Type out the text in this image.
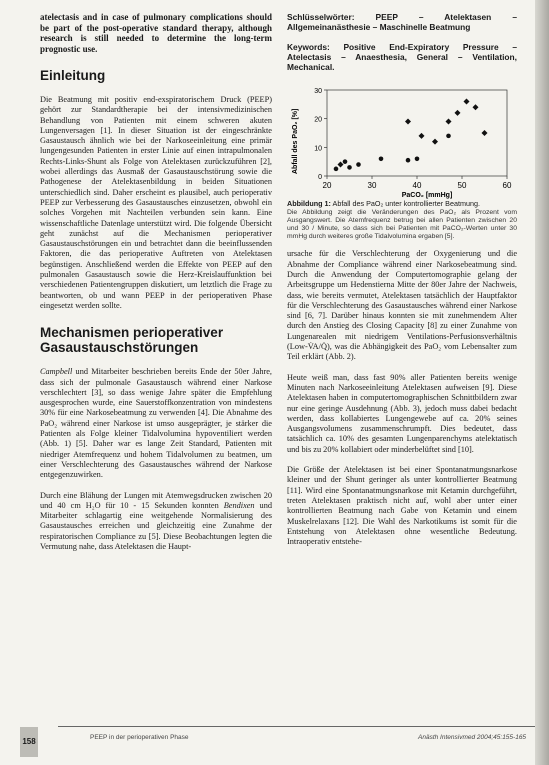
atelectasis and in case of pulmonary complications should be part of the post-operative standard therapy, although research is still needed to determine the long-term prognostic use.

Einleitung

Die Beatmung mit positiv end-exspiratorischem Druck (PEEP) gehört zur Standardtherapie bei der intensivmedizinischen Behandlung von Patienten mit einem schweren akuten Lungenversagen [1]. In dieser Situation ist der eingeschränkte Gasaustausch ähnlich wie bei der Narkoseeinleitung eine primär lungengesunden Patienten in erster Linie auf einen intrapulmonalen Rechts-Links-Shunt als Folge von Atelektasen zurückzuführen [2], wobei allerdings das Ausmaß der Gasaustauschstörung sowie die Pathogenese der Atelektasenbildung in beiden Situationen unterschiedlich sind. Daher erscheint es plausibel, auch perioperativ PEEP zur Verbesserung des Gasaustausches einzusetzen, obwohl ein solches Vorgehen mit Nachteilen verbunden sein kann. Eine wissenschaftliche Datenlage unterstützt wird. Die folgende Übersicht geht zunächst auf die Mechanismen perioperativer Gasaustauschstörungen ein und betrachtet dann die beeinflussenden Faktoren, die das perioperative Auftreten von Atelektasen begünstigen. Anschließend werden die Effekte von PEEP auf den pulmonalen Gasaustausch sowie die Herz-Kreislauffunktion bei verschiedenen Patientengruppen diskutiert, um letztlich die Frage zu beantworten, ob und wann PEEP in der perioperativen Phase eingesetzt werden sollte.

Mechanismen perioperativer Gasaustauschstörungen

Campbell und Mitarbeiter beschrieben bereits Ende der 50er Jahre, dass sich der pulmonale Gasaustausch während einer Narkose verschlechtert [3], so dass wenige Jahre später die Empfehlung ausgesprochen wurde, eine Sauerstoffkonzentration von mindestens 30% für eine Narkosebeatmung zu verwenden [4]. Die Abnahme des PaO₂ während einer Narkose ist umso ausgeprägter, je stärker die Patienten als Folge kleiner Tidalvolumina hypoventiliert werden (Abb. 1) [5]. Daher war es lange Zeit Standard, Patienten mit niedriger Atemfrequenz und hohem Tidalvolumen zu beatmen, um einer Verschlechterung des Gasaustausches während der Narkose entgegenzuwirken.

Durch eine Blähung der Lungen mit Atemwegsdrucken zwischen 20 und 40 cm H₂O für 10 - 15 Sekunden konnten Bendixen und Mitarbeiter schlagartig eine weitgehende Normalisierung des Gasaustausches erreichen und gleichzeitig eine Zunahme der respiratorischen Compliance zu [5]. Diese Beobachtungen legten die Vermutung nahe, dass Atelektasen die Haupt-

Schlüsselwörter: PEEP – Atelektasen – Allgemeinanästhesie – Maschinelle Beatmung

Keywords: Positive End-Expiratory Pressure – Atelectasis – Anaesthesia, General – Ventilation, Mechanical.

Abfall des PaO₂ [%]
PaCO₂ [mmHg]
20	30	40	50	60
0
10
20
30

Abbildung 1: Abfall des PaO₂ unter kontrollierter Beatmung.

Die Abbildung zeigt die Veränderungen des PaO₂ als Prozent vom Ausgangswert. Die Atemfrequenz betrug bei allen Patienten zwischen 20 und 30 / Minute, so dass sich bei Patienten mit PaCO₂-Werten unter 30 mmHg durch weiteres große Tidalvolumina ergaben [5].

ursache für die Verschlechterung der Oxygenierung und die Abnahme der Compliance während einer Narkosebeatmung sind. Durch die Anwendung der Computertomographie gelang der Arbeitsgruppe um Hedenstierna Mitte der 80er Jahre der Nachweis, dass, wie bereits vermutet, Atelektasen tatsächlich der Hauptfaktor für die Verschlechterung des Gasaustausches während einer Narkose sind [6, 7]. Darüber hinaus konnten sie mit zunehmendem Alter durch den Anstieg des Closing Capacity [8] zu einer Zunahme von Lungenarealen mit niedrigem Ventilations-Perfusionsverhältnis (Low-V̇A/Q̇), was die Abhängigkeit des PaO₂ vom Lebensalter zum Teil erklärt (Abb. 2).

Heute weiß man, dass fast 90% aller Patienten bereits wenige Minuten nach Narkoseeinleitung Atelektasen aufweisen [9]. Diese Atelektasen haben in computertomographischen Schnittbildern zwar nur eine geringe Ausdehnung (Abb. 3), jedoch muss dabei bedacht werden, dass kollabiertes Lungengewebe auf ca. 20% seines Ausgangsvolumens zusammenschrumpft. Dies bedeutet, dass tatsächlich ca. 10% des gesamten Lungenparenchyms atelektatisch und bis zu 20% kollabiert oder minderbelüftet sind [10].

Die Größe der Atelektasen ist bei einer Spontanatmungsnarkose kleiner und der Shunt geringer als unter kontrollierter Beatmung [11]. Wird eine Spontanatmungsnarkose mit Ketamin durchgeführt, treten Atelektasen praktisch nicht auf, wohl aber unter einer kontrollierten Beatmung nach Gabe von Ketamin und einem Muskelrelaxans [12]. Die Wahl des Narkotikums ist somit für die Entstehung von Atelektasen ohne wesentliche Bedeutung. Intraoperativ entstehe-

158	PEEP in der perioperativen Phase	Anästh Intensivmed 2004;45:155-165
